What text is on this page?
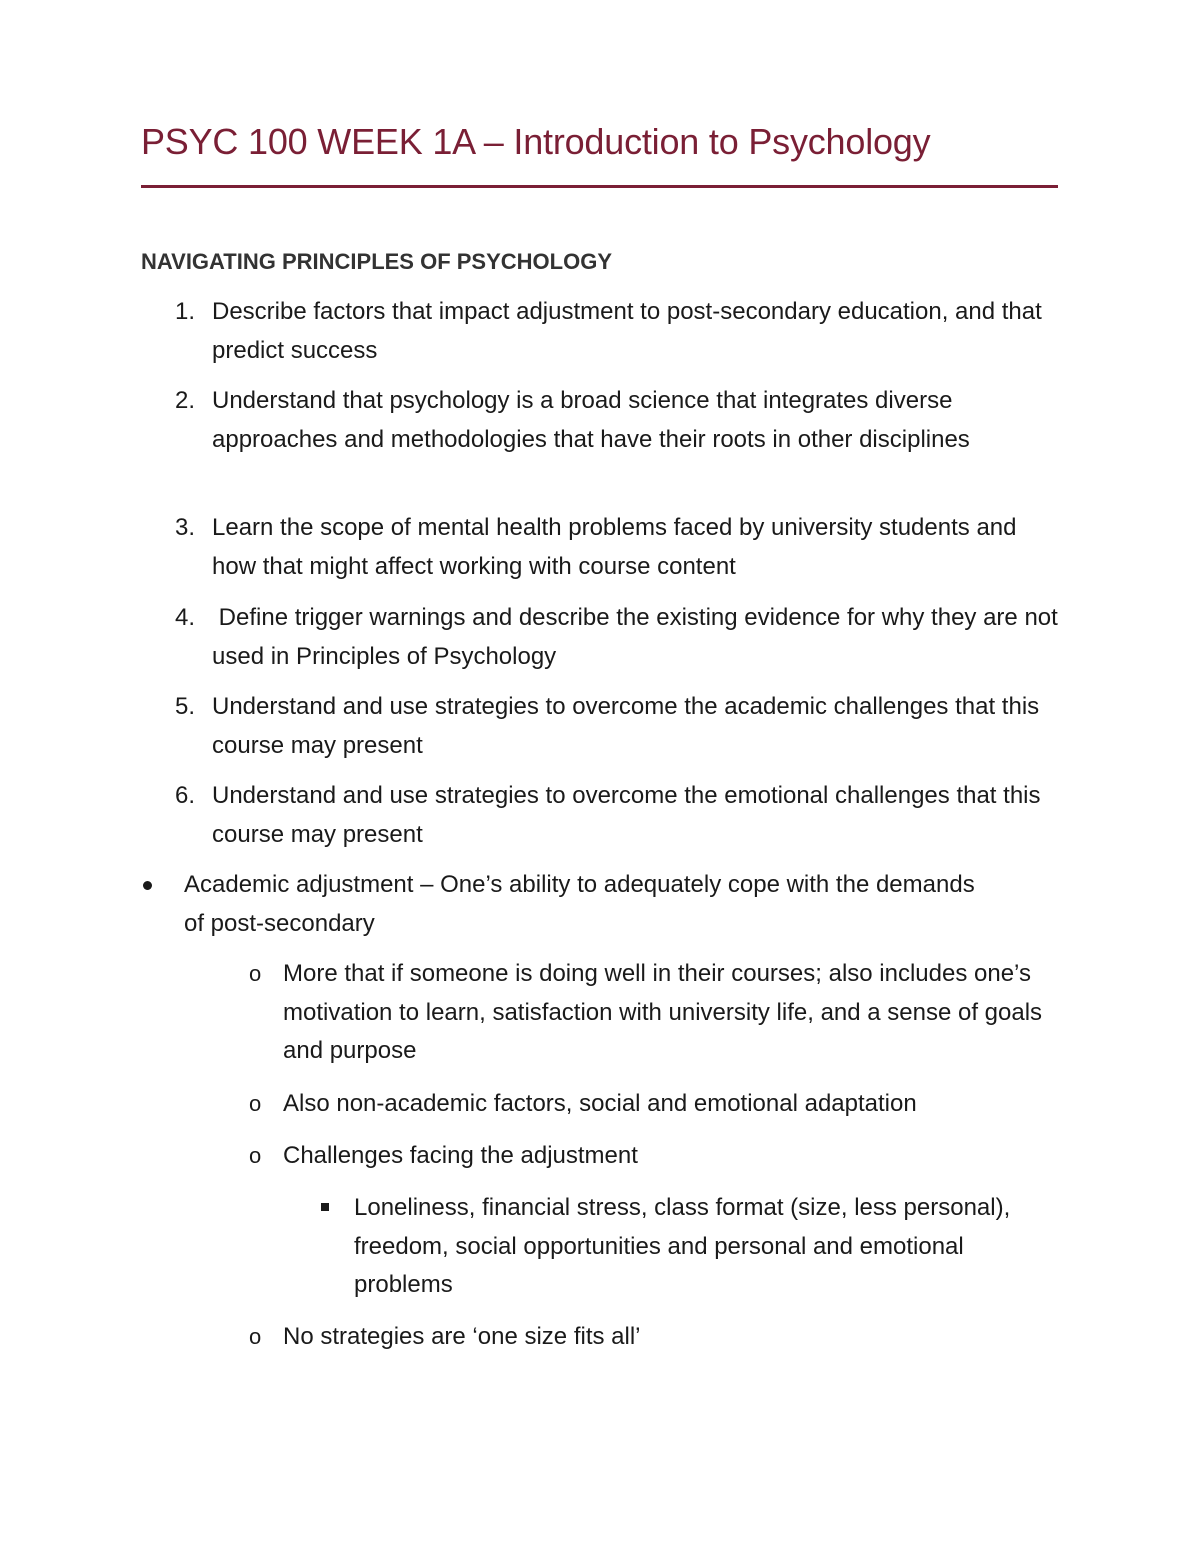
PSYC 100 WEEK 1A – Introduction to Psychology
NAVIGATING PRINCIPLES OF PSYCHOLOGY
1. Describe factors that impact adjustment to post-secondary education, and that predict success
2. Understand that psychology is a broad science that integrates diverse approaches and methodologies that have their roots in other disciplines
3. Learn the scope of mental health problems faced by university students and how that might affect working with course content
4. Define trigger warnings and describe the existing evidence for why they are not used in Principles of Psychology
5. Understand and use strategies to overcome the academic challenges that this course may present
6. Understand and use strategies to overcome the emotional challenges that this course may present
Academic adjustment – One’s ability to adequately cope with the demands of post-secondary
o More that if someone is doing well in their courses; also includes one’s motivation to learn, satisfaction with university life, and a sense of goals and purpose
o Also non-academic factors, social and emotional adaptation
o Challenges facing the adjustment
Loneliness, financial stress, class format (size, less personal), freedom, social opportunities and personal and emotional problems
o No strategies are ‘one size fits all’
